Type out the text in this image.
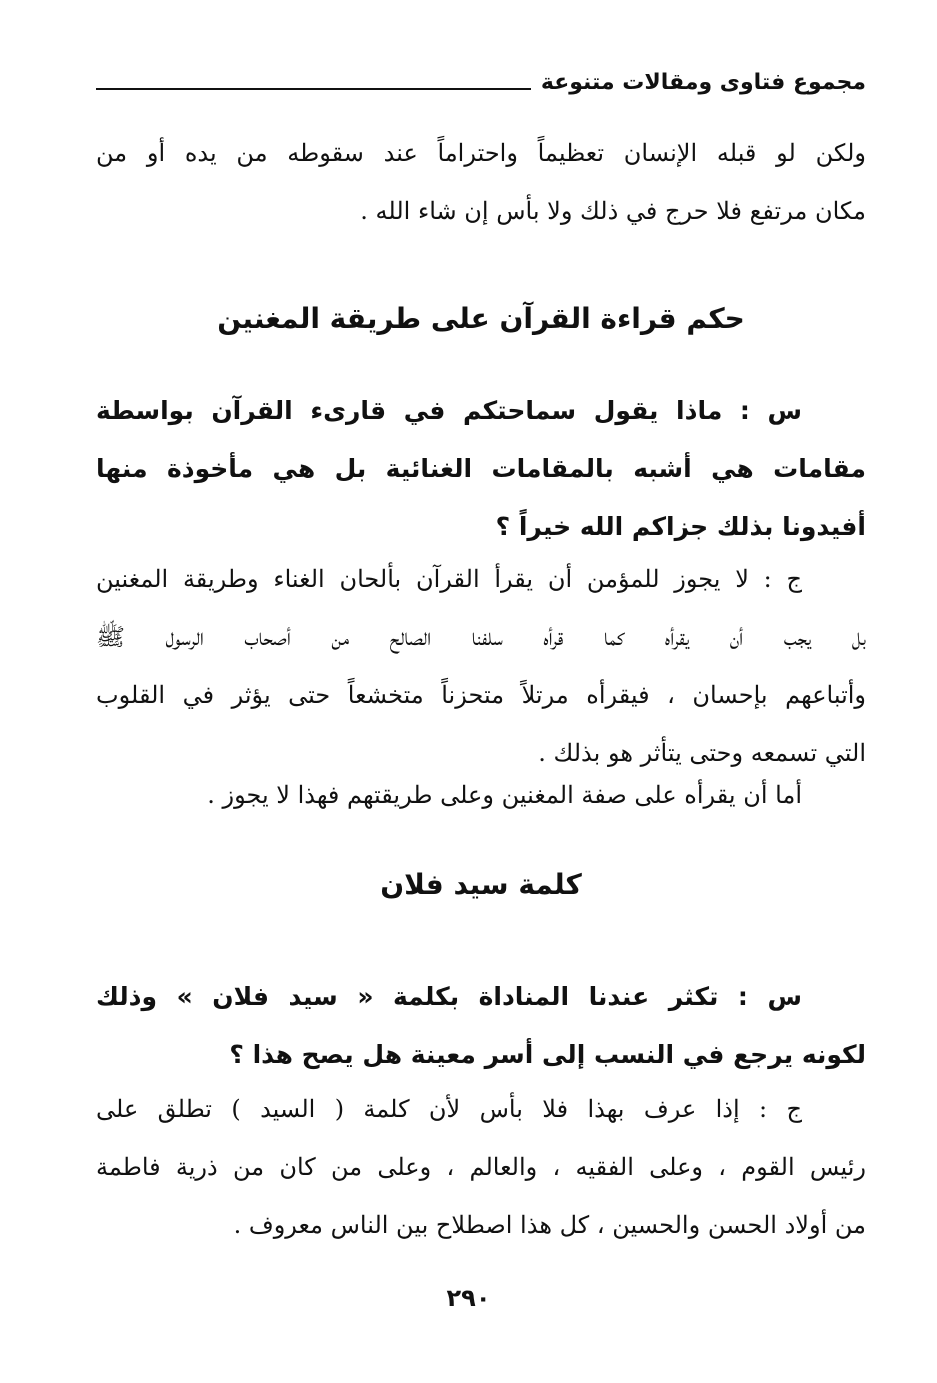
مجموع فتاوى ومقالات متنوعة
ولكن لو قبله الإنسان تعظيماً واحتراماً عند سقوطه من يده أو من
مكان مرتفع فلا حرج في ذلك ولا بأس إن شاء الله .
حكم قراءة القرآن على طريقة المغنين
س : ماذا يقول سماحتكم في قارىء القرآن بواسطة
مقامات هي أشبه بالمقامات الغنائية بل هي مأخوذة منها
أفيدونا بذلك جزاكم الله خيراً ؟
ج : لا يجوز للمؤمن أن يقرأ القرآن بألحان الغناء وطريقة المغنين
بل يجب أن يقرأه كما قرأه سلفنا الصالح من أصحاب الرسول ﷺ
وأتباعهم بإحسان ، فيقرأه مرتلاً متحزناً متخشعاً حتى يؤثر في القلوب
التي تسمعه وحتى يتأثر هو بذلك .
أما أن يقرأه على صفة المغنين وعلى طريقتهم فهذا لا يجوز .
كلمة سيد فلان
س : تكثر عندنا المناداة بكلمة « سيد فلان » وذلك
لكونه يرجع في النسب إلى أسر معينة هل يصح هذا ؟
ج : إذا عرف بهذا فلا بأس لأن كلمة ( السيد ) تطلق على
رئيس القوم ، وعلى الفقيه ، والعالم ، وعلى من كان من ذرية فاطمة
من أولاد الحسن والحسين ، كل هذا اصطلاح بين الناس معروف .
٢٩٠
